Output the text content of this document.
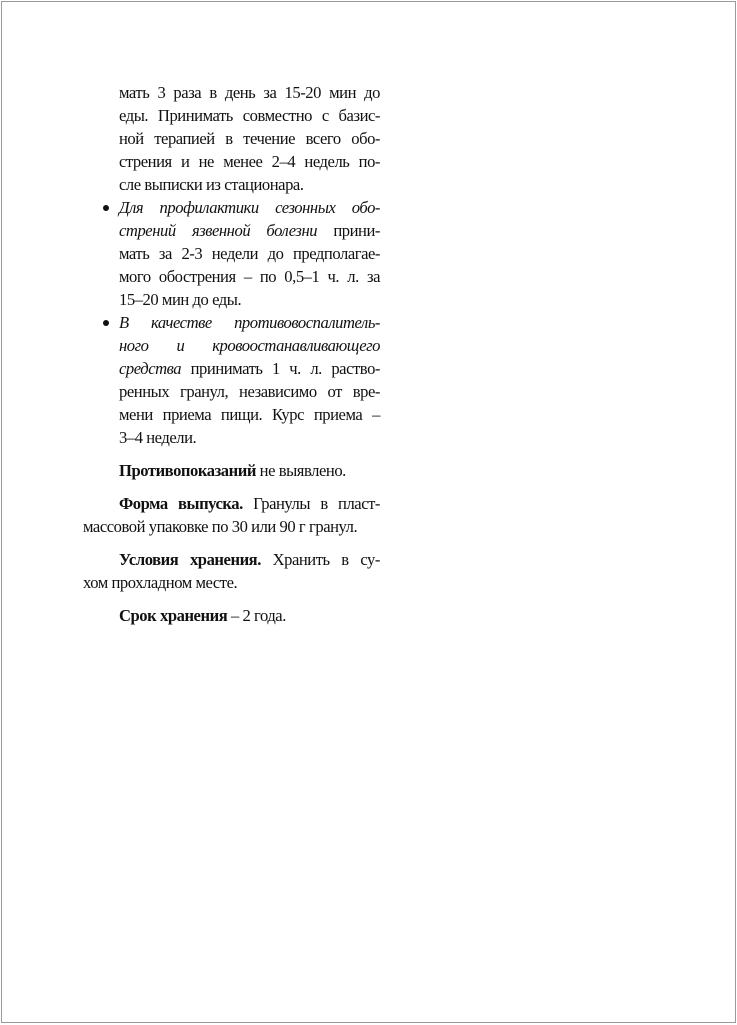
мать 3 раза в день за 15-20 мин до
еды. Принимать совместно с базис-
ной терапией в течение всего обо-
стрения и не менее 2–4 недель по-
сле выписки из стационара.
Для профилактики сезонных обо-
стрений язвенной болезни прини-
мать за 2-3 недели до предполагае-
мого обострения – по 0,5–1 ч. л. за
15–20 мин до еды.
В качестве противовоспалитель-
ного и кровоостанавливающего
средства принимать 1 ч. л. раство-
ренных гранул, независимо от вре-
мени приема пищи. Курс приема –
3–4 недели.
Противопоказаний не выявлено.
Форма выпуска. Гранулы в пласт-
массовой упаковке по 30 или 90 г гранул.
Условия хранения. Хранить в су-
хом прохладном месте.
Срок хранения – 2 года.
